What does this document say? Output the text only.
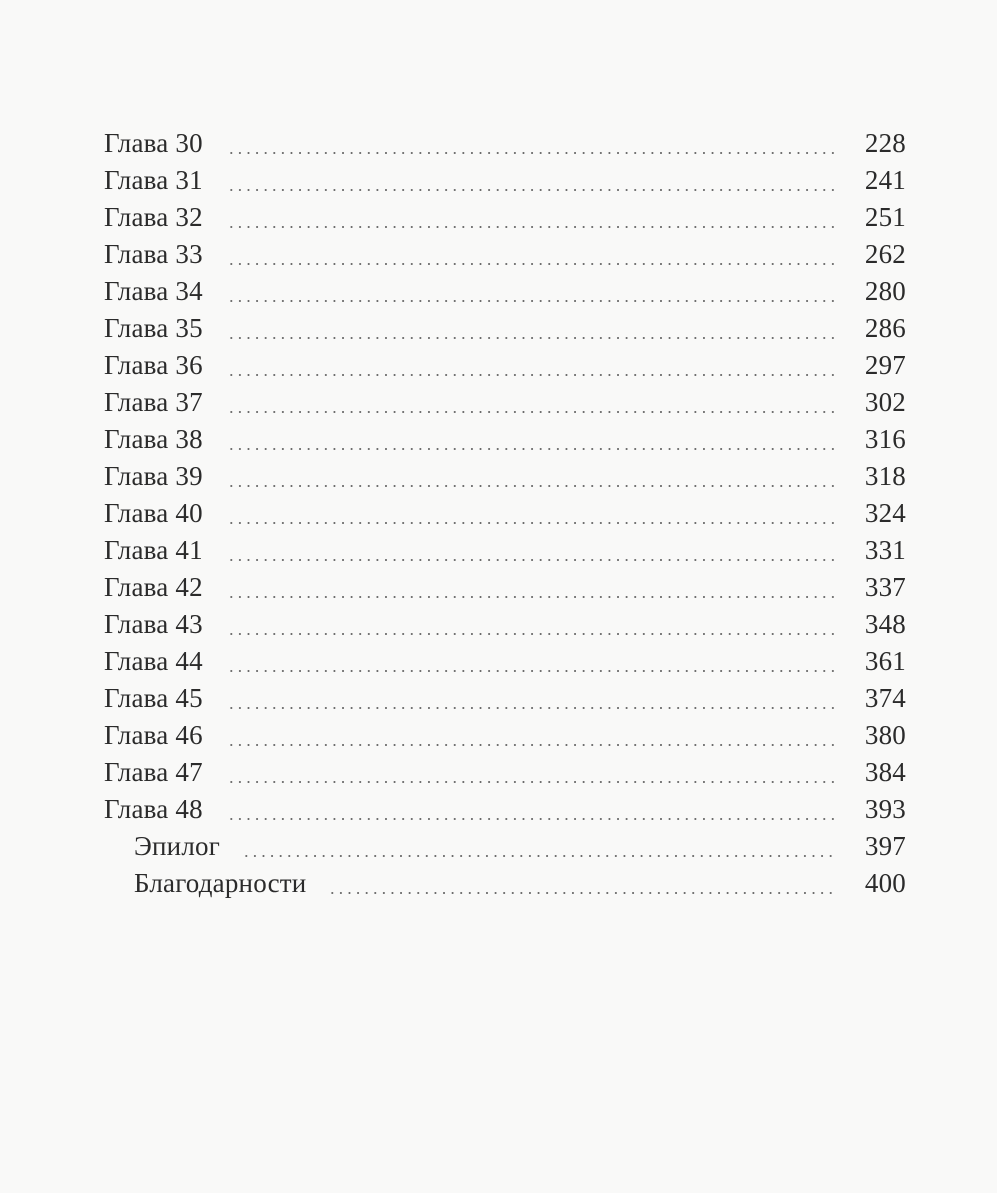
Глава 30	228
Глава 31	241
Глава 32	251
Глава 33	262
Глава 34	280
Глава 35	286
Глава 36	297
Глава 37	302
Глава 38	316
Глава 39	318
Глава 40	324
Глава 41	331
Глава 42	337
Глава 43	348
Глава 44	361
Глава 45	374
Глава 46	380
Глава 47	384
Глава 48	393
Эпилог	397
Благодарности	400
